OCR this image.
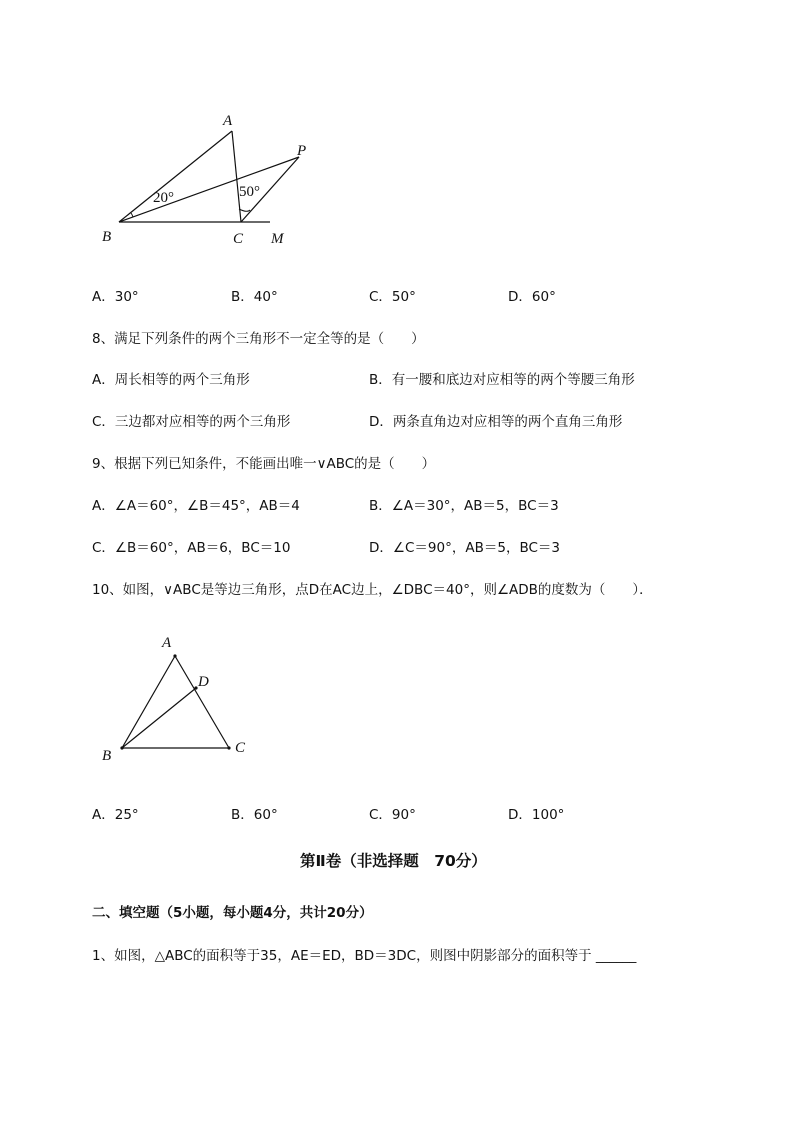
A
P
B	C M
20°	50°
A．30°	B．40°	C．50°	D．60°
8、满足下列条件的两个三角形不一定全等的是（　　）
A．周长相等的两个三角形	B．有一腰和底边对应相等的两个等腰三角形
C．三边都对应相等的两个三角形	D．两条直角边对应相等的两个直角三角形
9、根据下列已知条件，不能画出唯一∨ABC的是（　　）
A．∠A＝60°，∠B＝45°，AB＝4	B．∠A＝30°，AB＝5，BC＝3
C．∠B＝60°，AB＝6，BC＝10	D．∠C＝90°，AB＝5，BC＝3
10、如图，∨ABC是等边三角形，点D在AC边上，∠DBC＝40°，则∠ADB的度数为（　　）．
A
D
B	C
A．25°	B．60°	C．90°	D．100°
第Ⅱ卷（非选择题　70分）
二、填空题（5小题，每小题4分，共计20分）
1、如图，△ABC的面积等于35，AE＝ED，BD＝3DC，则图中阴影部分的面积等于 ______
